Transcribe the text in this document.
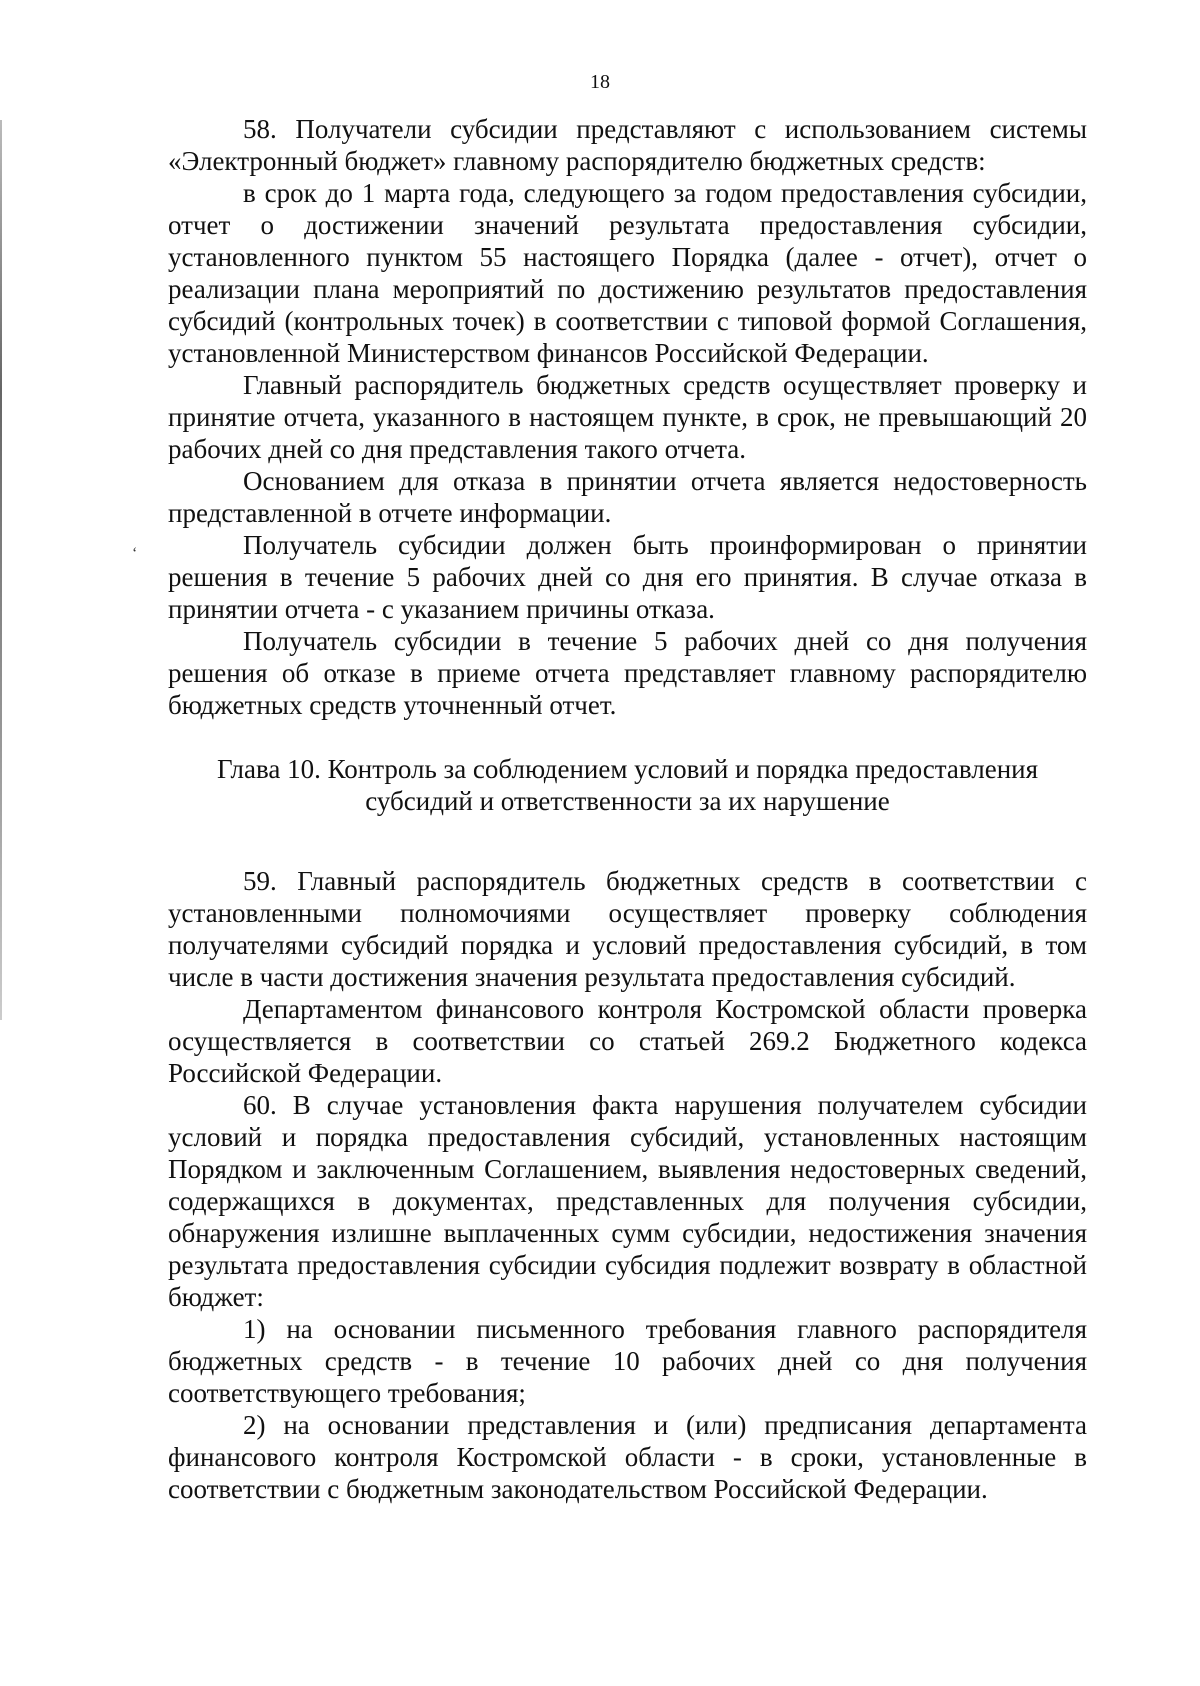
18
‘

58. Получатели субсидии представляют с использованием системы «Электронный бюджет» главному распорядителю бюджетных средств:

в срок до 1 марта года, следующего за годом предоставления субсидии, отчет о достижении значений результата предоставления субсидии, установленного пунктом 55 настоящего Порядка (далее - отчет), отчет о реализации плана мероприятий по достижению результатов предоставления субсидий (контрольных точек) в соответствии с типовой формой Соглашения, установленной Министерством финансов Российской Федерации.

Главный распорядитель бюджетных средств осуществляет проверку и принятие отчета, указанного в настоящем пункте, в срок, не превышающий 20 рабочих дней со дня представления такого отчета.

Основанием для отказа в принятии отчета является недостоверность представленной в отчете информации.

Получатель субсидии должен быть проинформирован о принятии решения в течение 5 рабочих дней со дня его принятия. В случае отказа в принятии отчета - с указанием причины отказа.

Получатель субсидии в течение 5 рабочих дней со дня получения решения об отказе в приеме отчета представляет главному распорядителю бюджетных средств уточненный отчет.

Глава 10. Контроль за соблюдением условий и порядка предоставления
субсидий и ответственности за их нарушение

59. Главный распорядитель бюджетных средств в соответствии с установленными полномочиями осуществляет проверку соблюдения получателями субсидий порядка и условий предоставления субсидий, в том числе в части достижения значения результата предоставления субсидий.

Департаментом финансового контроля Костромской области проверка осуществляется в соответствии со статьей 269.2 Бюджетного кодекса Российской Федерации.

60. В случае установления факта нарушения получателем субсидии условий и порядка предоставления субсидий, установленных настоящим Порядком и заключенным Соглашением, выявления недостоверных сведений, содержащихся в документах, представленных для получения субсидии, обнаружения излишне выплаченных сумм субсидии, недостижения значения результата предоставления субсидии субсидия подлежит возврату в областной бюджет:

1) на основании письменного требования главного распорядителя бюджетных средств - в течение 10 рабочих дней со дня получения соответствующего требования;

2) на основании представления и (или) предписания департамента финансового контроля Костромской области - в сроки, установленные в соответствии с бюджетным законодательством Российской Федерации.
